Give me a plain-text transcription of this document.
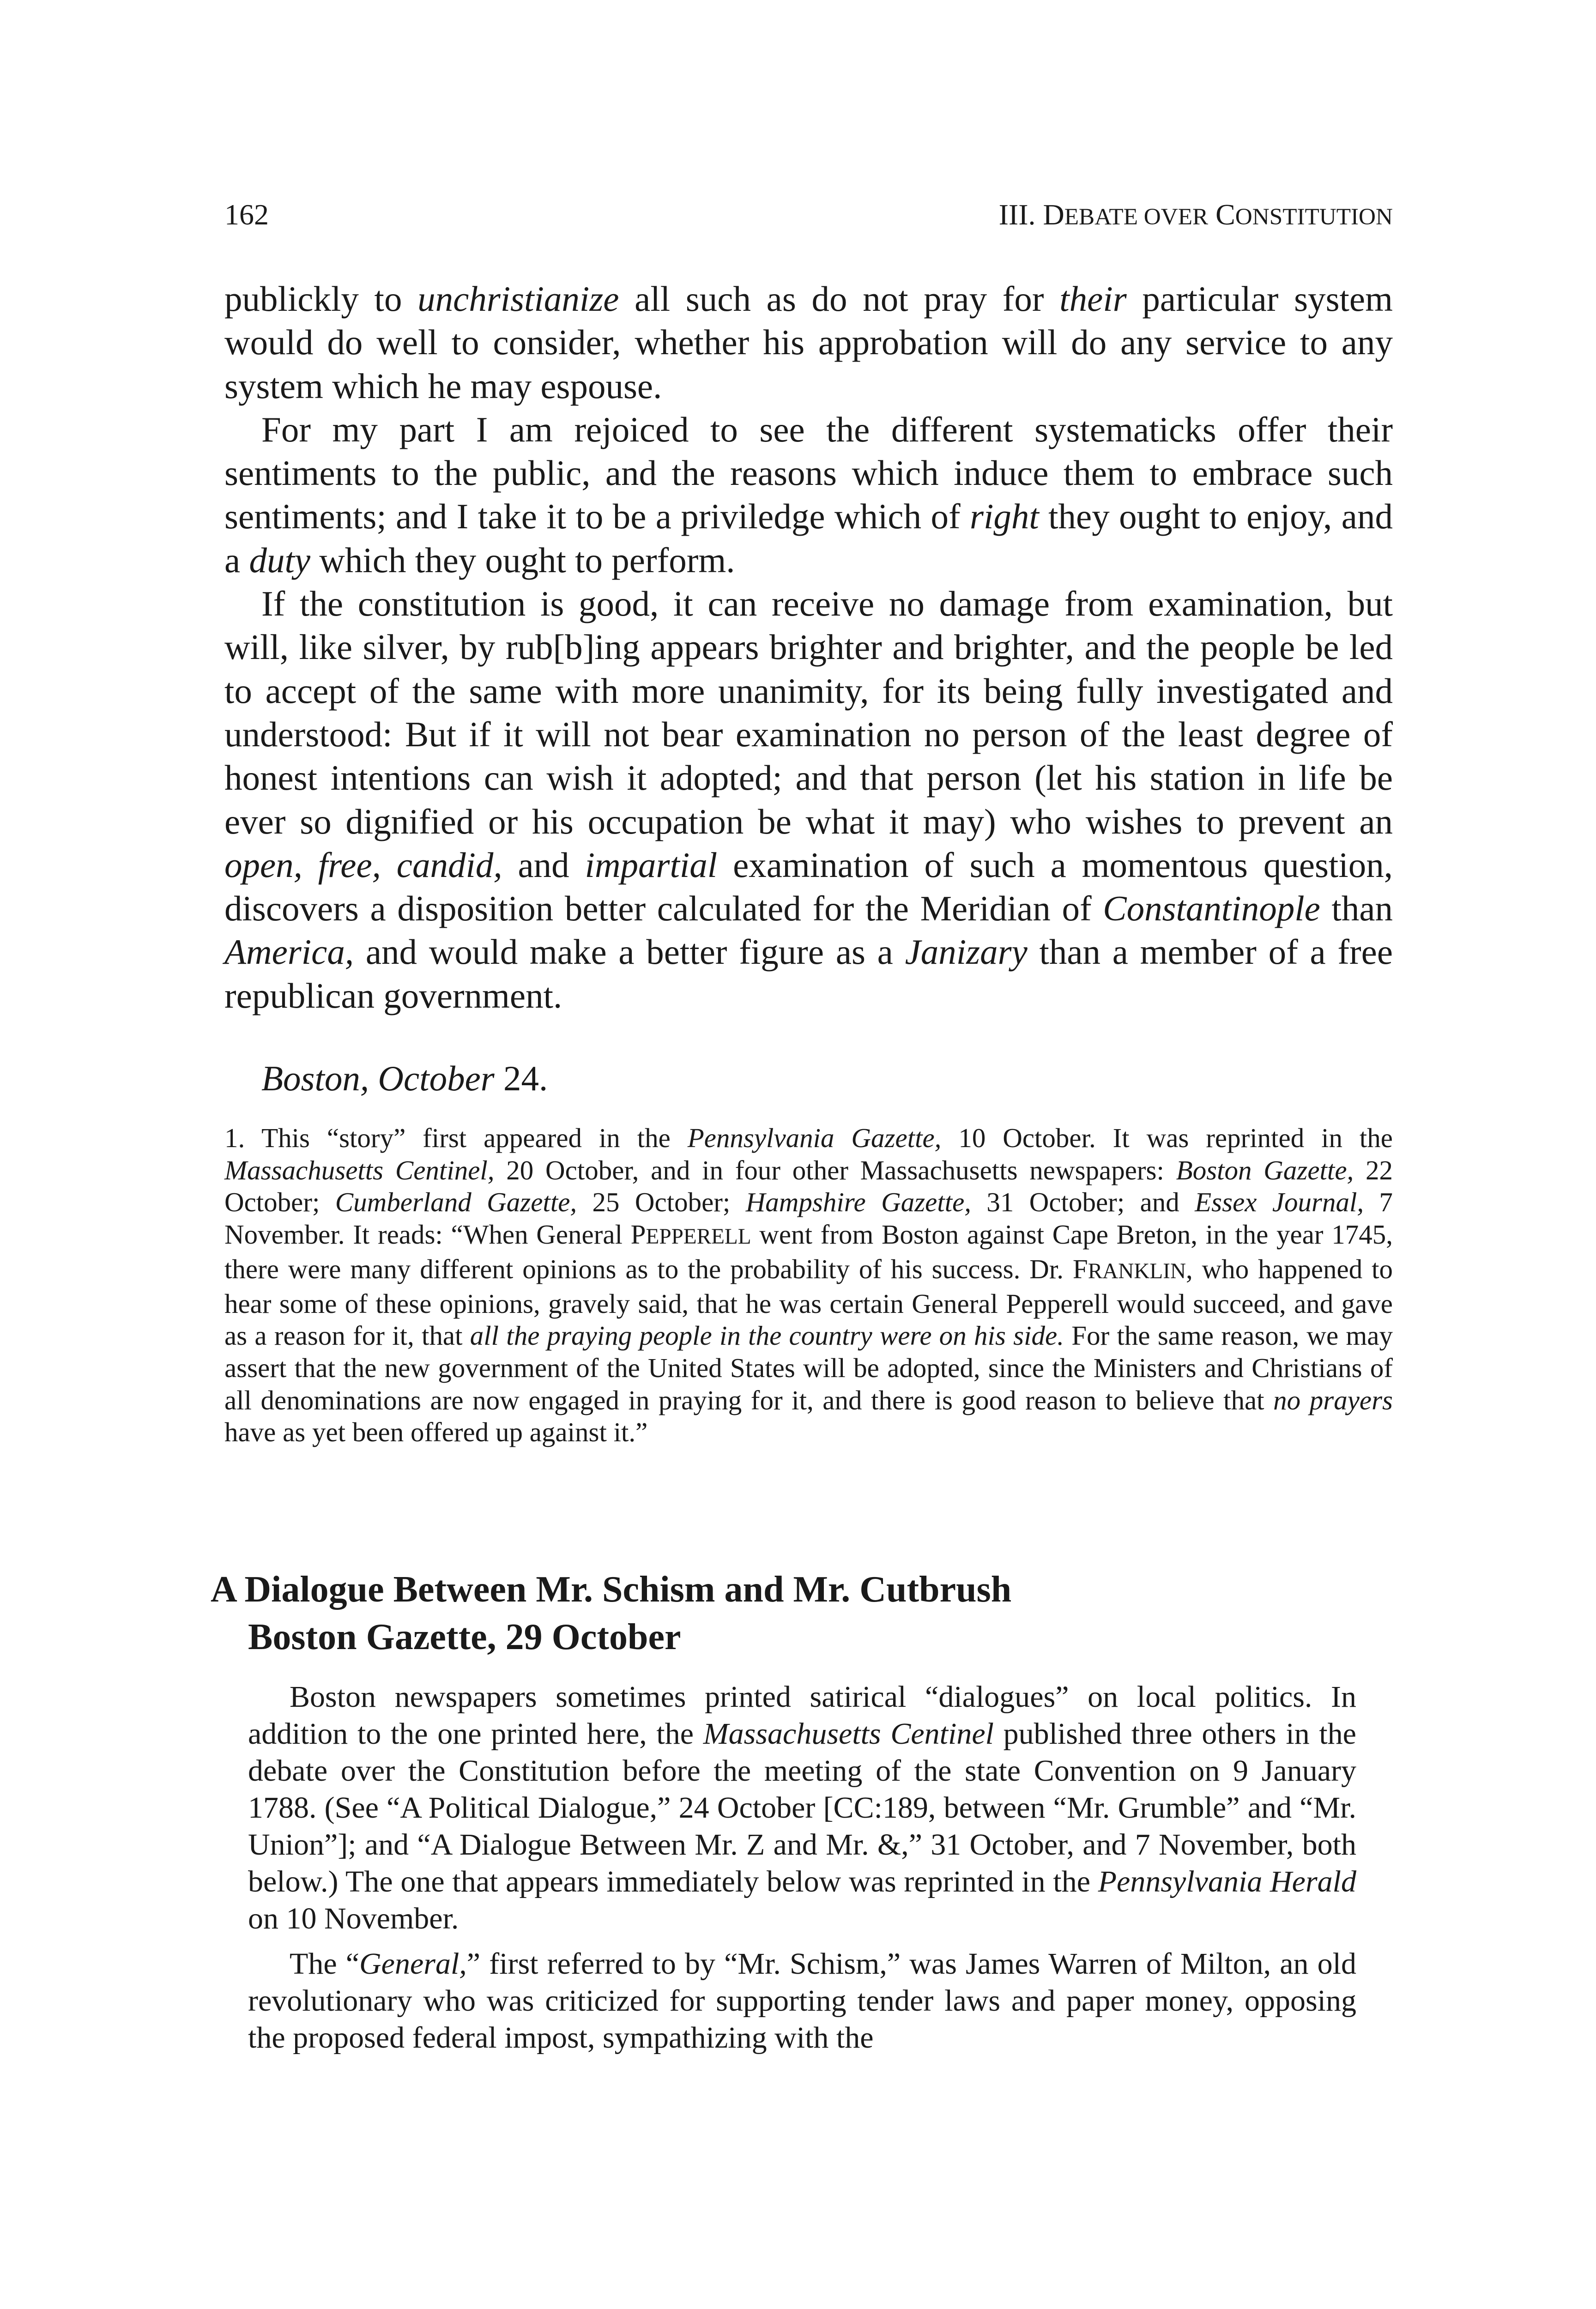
162	III. DEBATE OVER CONSTITUTION

publickly to unchristianize all such as do not pray for their particular system would do well to consider, whether his approbation will do any service to any system which he may espouse.

For my part I am rejoiced to see the different systematicks offer their sentiments to the public, and the reasons which induce them to embrace such sentiments; and I take it to be a priviledge which of right they ought to enjoy, and a duty which they ought to perform.

If the constitution is good, it can receive no damage from examination, but will, like silver, by rub[b]ing appears brighter and brighter, and the people be led to accept of the same with more unanimity, for its being fully investigated and understood: But if it will not bear examination no person of the least degree of honest intentions can wish it adopted; and that person (let his station in life be ever so dignified or his occupation be what it may) who wishes to prevent an open, free, candid, and impartial examination of such a momentous question, discovers a disposition better calculated for the Meridian of Constantinople than America, and would make a better figure as a Janizary than a member of a free republican government.

Boston, October 24.

1. This “story” first appeared in the Pennsylvania Gazette, 10 October. It was reprinted in the Massachusetts Centinel, 20 October, and in four other Massachusetts newspapers: Boston Gazette, 22 October; Cumberland Gazette, 25 October; Hampshire Gazette, 31 October; and Essex Journal, 7 November. It reads: “When General PEPPERELL went from Boston against Cape Breton, in the year 1745, there were many different opinions as to the probability of his success. Dr. FRANKLIN, who happened to hear some of these opinions, gravely said, that he was certain General Pepperell would succeed, and gave as a reason for it, that all the praying people in the country were on his side. For the same reason, we may assert that the new government of the United States will be adopted, since the Ministers and Christians of all denominations are now engaged in praying for it, and there is good reason to believe that no prayers have as yet been offered up against it.”

A Dialogue Between Mr. Schism and Mr. Cutbrush
Boston Gazette, 29 October

Boston newspapers sometimes printed satirical “dialogues” on local politics. In addition to the one printed here, the Massachusetts Centinel published three others in the debate over the Constitution before the meeting of the state Convention on 9 January 1788. (See “A Political Dialogue,” 24 October [CC:189, between “Mr. Grumble” and “Mr. Union”]; and “A Dialogue Between Mr. Z and Mr. &,” 31 October, and 7 November, both below.) The one that appears immediately below was reprinted in the Pennsylvania Herald on 10 November.

The “General,” first referred to by “Mr. Schism,” was James Warren of Milton, an old revolutionary who was criticized for supporting tender laws and paper money, opposing the proposed federal impost, sympathizing with the
